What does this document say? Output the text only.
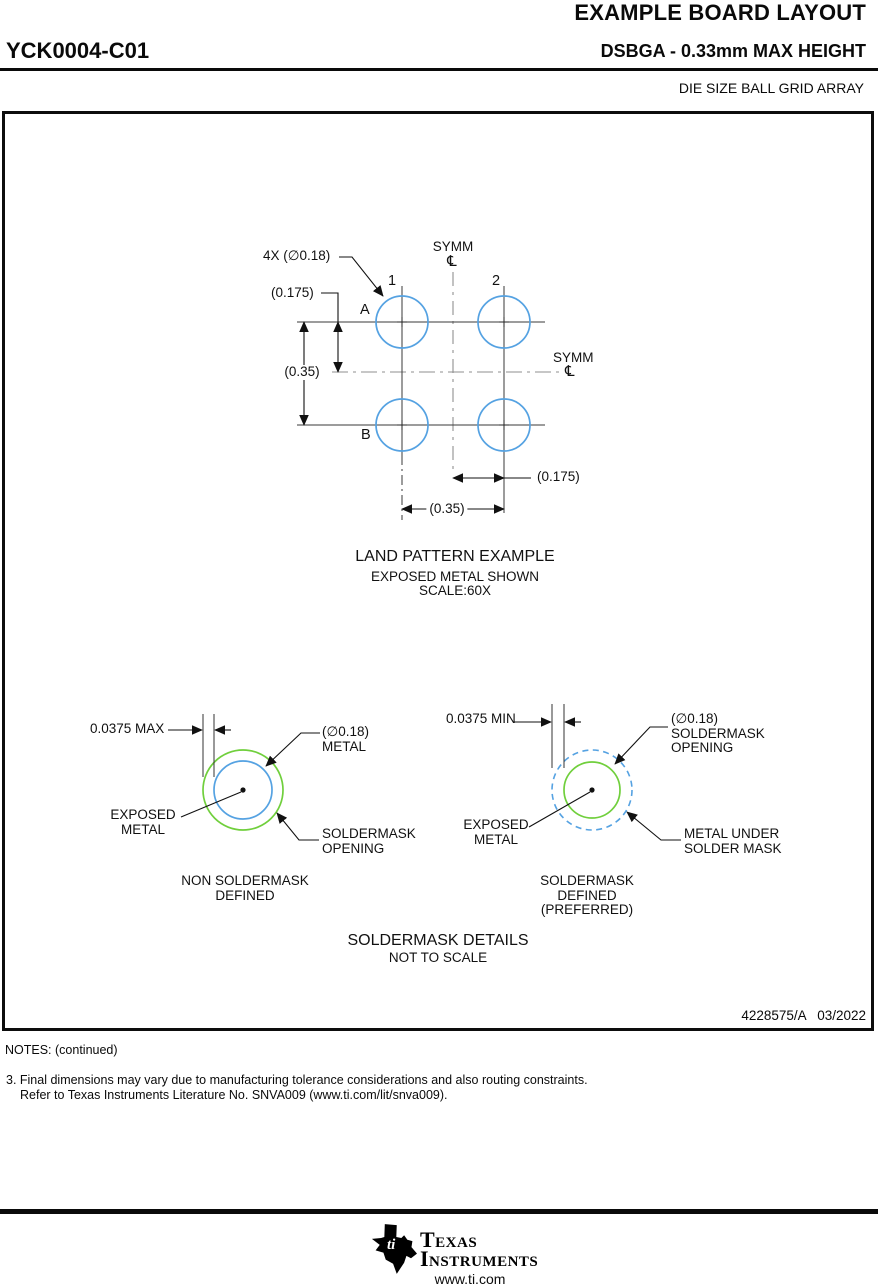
EXAMPLE BOARD LAYOUT
YCK0004-C01	DSBGA - 0.33mm MAX HEIGHT
DIE SIZE BALL GRID ARRAY
4X (∅0.18)
SYMM
℄
(0.175)
1	2
A
B
(0.35)
SYMM
℄
(0.175)
(0.35)
LAND PATTERN EXAMPLE
EXPOSED METAL SHOWN
SCALE:60X
0.0375 MAX	(∅0.18)
METAL
EXPOSED
METAL	SOLDERMASK
OPENING
NON SOLDERMASK
DEFINED
0.0375 MIN	(∅0.18)
SOLDERMASK
OPENING
EXPOSED
METAL	METAL UNDER
SOLDER MASK
SOLDERMASK
DEFINED
(PREFERRED)
SOLDERMASK DETAILS
NOT TO SCALE
4228575/A   03/2022
NOTES: (continued)
3. Final dimensions may vary due to manufacturing tolerance considerations and also routing constraints.
Refer to Texas Instruments Literature No. SNVA009 (www.ti.com/lit/snva009).
ti Texas
Instruments
www.ti.com
